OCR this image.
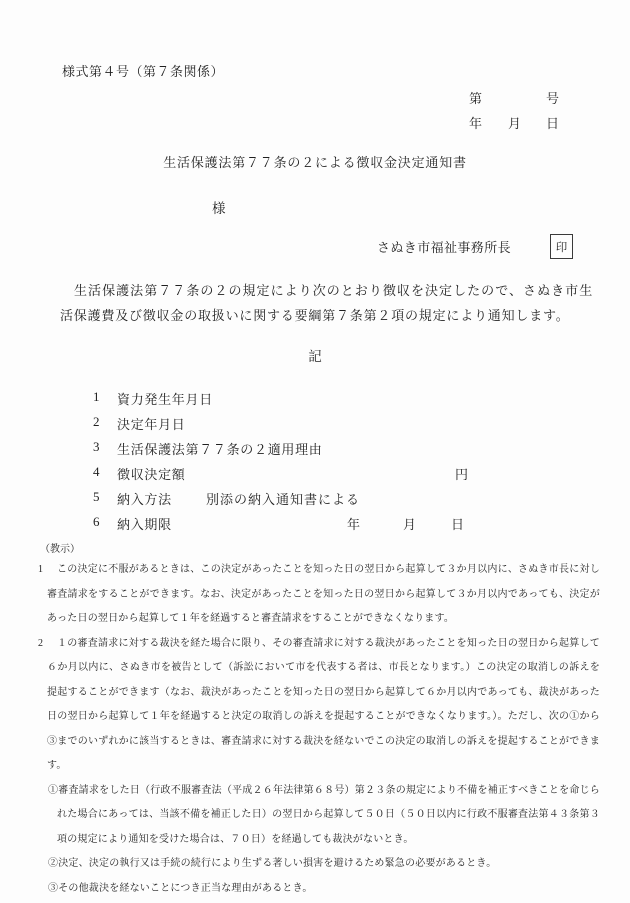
様式第４号（第７条関係）
第	号
年 月 日
生活保護法第７７条の２による徴収金決定通知書
様
さぬき市福祉事務所長	印
生活保護法第７７条の２の規定により次のとおり徴収を決定したので、さぬき市生活保護費及び徴収金の取扱いに関する要綱第７条第２項の規定により通知します。
記
1 資力発生年月日
2 決定年月日
3 生活保護法第７７条の２適用理由
4 徴収決定額	円
5 納入方法	別添の納入通知書による
6 納入期限	年	月	日
（教示）
1 この決定に不服があるときは、この決定があったことを知った日の翌日から起算して３か月以内に、さぬき市長に対し審査請求をすることができます。なお、決定があったことを知った日の翌日から起算して３か月以内であっても、決定があった日の翌日から起算して１年を経過すると審査請求をすることができなくなります。
2 １の審査請求に対する裁決を経た場合に限り、その審査請求に対する裁決があったことを知った日の翌日から起算して６か月以内に、さぬき市を被告として（訴訟において市を代表する者は、市長となります。）この決定の取消しの訴えを提起することができます（なお、裁決があったことを知った日の翌日から起算して６か月以内であっても、裁決があった日の翌日から起算して１年を経過すると決定の取消しの訴えを提起することができなくなります。）。ただし、次の①から③までのいずれかに該当するときは、審査請求に対する裁決を経ないでこの決定の取消しの訴えを提起することができます。
①審査請求をした日（行政不服審査法（平成２６年法律第６８号）第２３条の規定により不備を補正すべきことを命じられた場合にあっては、当該不備を補正した日）の翌日から起算して５０日（５０日以内に行政不服審査法第４３条第３項の規定により通知を受けた場合は、７０日）を経過しても裁決がないとき。
②決定、決定の執行又は手続の続行により生ずる著しい損害を避けるため緊急の必要があるとき。
③その他裁決を経ないことにつき正当な理由があるとき。
